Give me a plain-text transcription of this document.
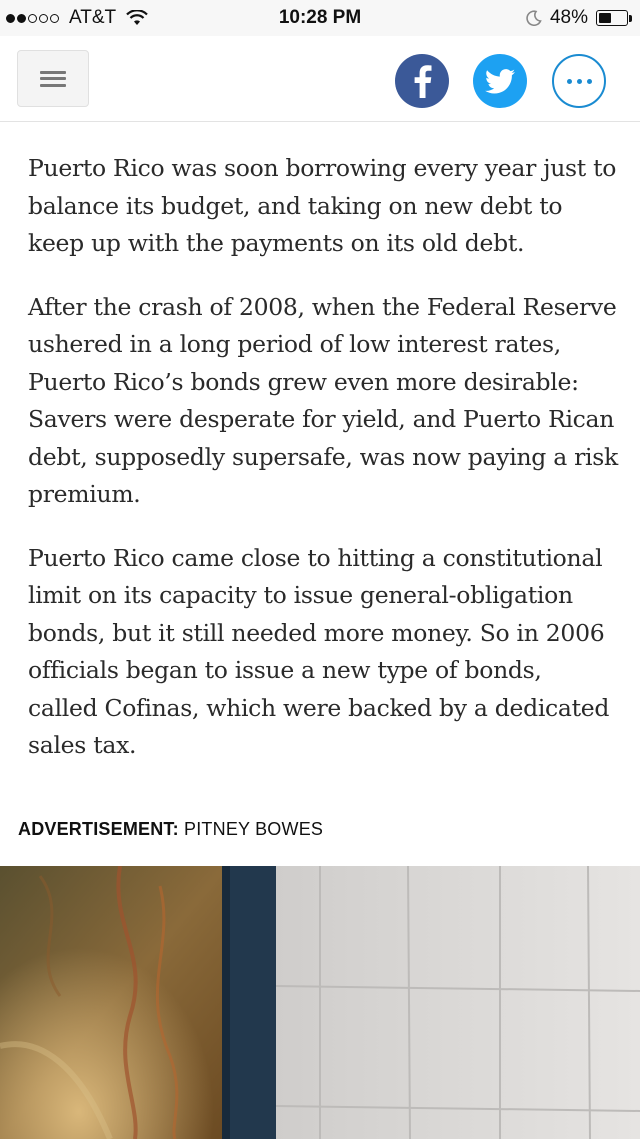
AT&T	10:28 PM	48%

Puerto Rico was soon borrowing every year just to balance its budget, and taking on new debt to keep up with the payments on its old debt.

After the crash of 2008, when the Federal Reserve ushered in a long period of low interest rates, Puerto Rico’s bonds grew even more desirable: Savers were desperate for yield, and Puerto Rican debt, supposedly supersafe, was now paying a risk premium.

Puerto Rico came close to hitting a constitutional limit on its capacity to issue general-obligation bonds, but it still needed more money. So in 2006 officials began to issue a new type of bonds, called Cofinas, which were backed by a dedicated sales tax.

ADVERTISEMENT: PITNEY BOWES
